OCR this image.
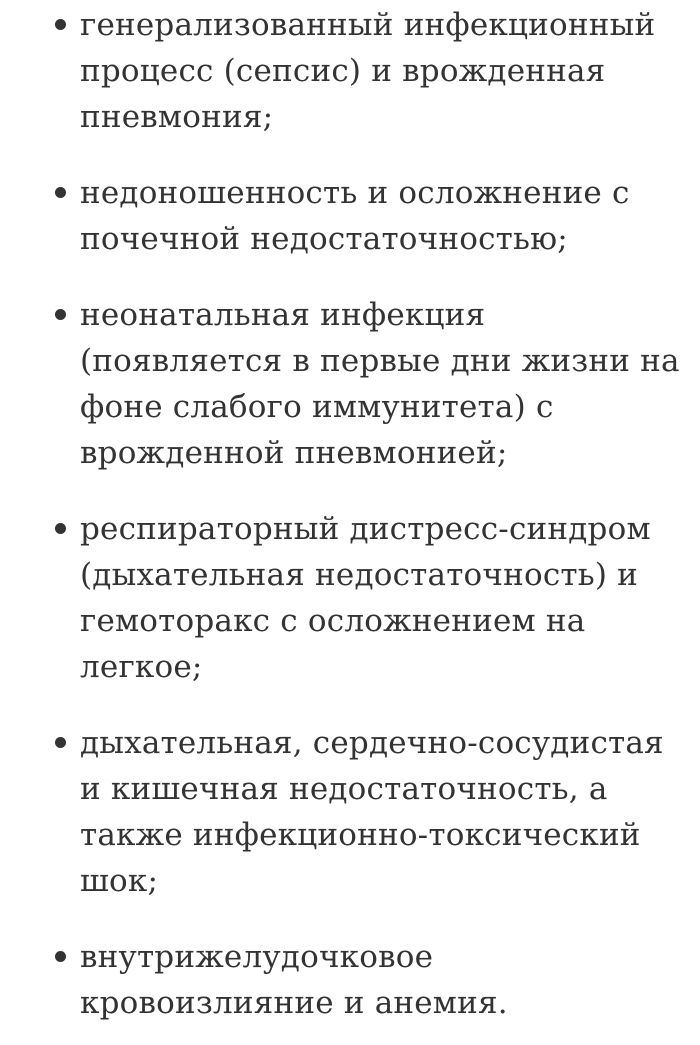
генерализованный инфекционный
процесс (сепсис) и врожденная
пневмония;
недоношенность и осложнение с
почечной недостаточностью;
неонатальная инфекция
(появляется в первые дни жизни на
фоне слабого иммунитета) с
врожденной пневмонией;
респираторный дистресс-синдром
(дыхательная недостаточность) и
гемоторакс с осложнением на
легкое;
дыхательная, сердечно-сосудистая
и кишечная недостаточность, а
также инфекционно-токсический
шок;
внутрижелудочковое
кровоизлияние и анемия.
